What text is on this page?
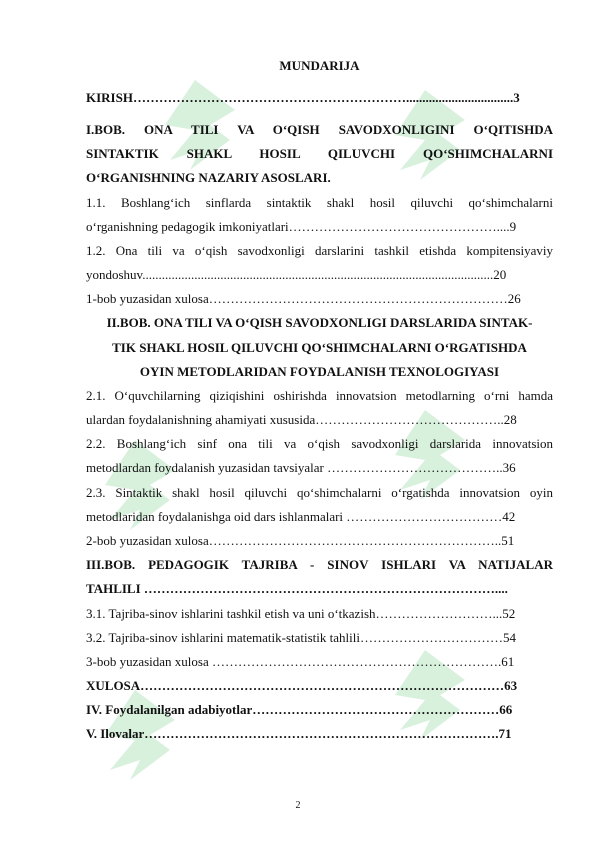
MUNDARIJA
KIRISH……………………………………………………….................................3
I.BOB. ONA TILI VA O‘QISH SAVODXONLIGINI O‘QITISHDA
SINTAKTIK SHAKL HOSIL QILUVCHI QO‘SHIMCHALARNI
O‘RGANISHNING NAZARIY ASOSLARI.
1.1. Boshlang‘ich sinflarda sintaktik shakl hosil qiluvchi qo‘shimchalarni
o‘rganishning pedagogik imkoniyatlari…………………………………………....9
1.2. Ona tili va o‘qish savodxonligi darslarini tashkil etishda kompitensiyaviy
yondoshuv............................................................................................................20
1-bob yuzasidan xulosa……………………………………………………………26
II.BOB. ONA TILI VA O‘QISH SAVODXONLIGI DARSLARIDA SINTAK-
TIK SHAKL HOSIL QILUVCHI QO‘SHIMCHALARNI O‘RGATISHDA
OYIN METODLARIDAN FOYDALANISH TEXNOLOGIYASI
2.1. O‘quvchilarning qiziqishini oshirishda innovatsion metodlarning o‘rni hamda
ulardan foydalanishning ahamiyati xususida……………………………………..28
2.2. Boshlang‘ich sinf ona tili va o‘qish savodxonligi darslarida innovatsion
metodlardan foydalanish yuzasidan tavsiyalar …………………………………..36
2.3. Sintaktik shakl hosil qiluvchi qo‘shimchalarni o‘rgatishda innovatsion oyin
metodlaridan foydalanishga oid dars ishlanmalari ………………………………42
2-bob yuzasidan xulosa…………………………………………………………..51
III.BOB. PEDAGOGIK TAJRIBA - SINOV ISHLARI VA NATIJALAR
TAHLILI ………………………………………………………………………....
3.1. Tajriba-sinov ishlarini tashkil etish va uni o‘tkazish………………………...52
3.2. Tajriba-sinov ishlarini matematik-statistik tahlili……………………………54
3-bob yuzasidan xulosa ………………………………………………………….61
XULOSA…………………………………………………………………………63
IV. Foydalanilgan adabiyotlar…………………………………………………66
V. Ilovalar……………………………………………………………………….71
2
